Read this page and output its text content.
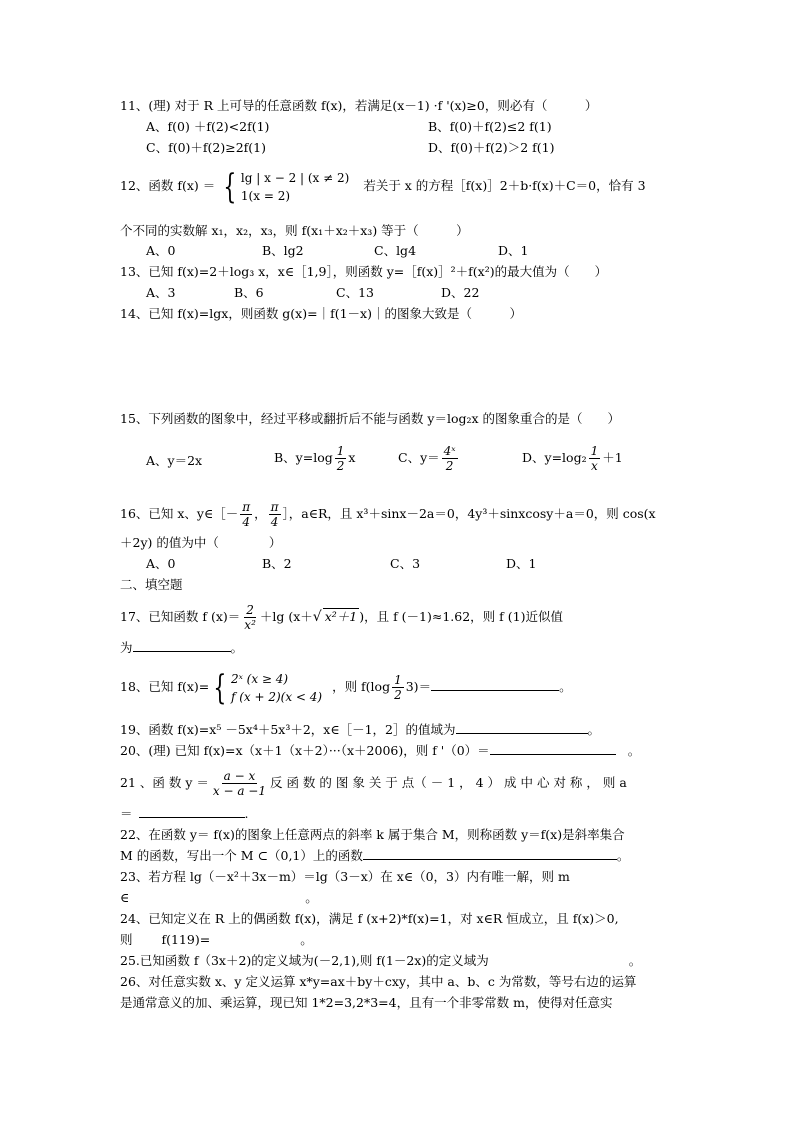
11、(理) 对于 R 上可导的任意函数 f(x)，若满足(x－1) ·f '(x)≥0，则必有（　　　）
A、f(0) ＋f(2)<2f(1)	B、f(0)＋f(2)≤2 f(1)
C、f(0)＋f(2)≥2f(1)	D、f(0)＋f(2)＞2 f(1)
12、函数 f(x) ＝ { lg | x − 2 | (x ≠ 2)
1(x = 2)
若关于 x 的方程［f(x)］2＋b·f(x)＋C＝0，恰有 3
个不同的实数解 x₁，x₂，x₃，则 f(x₁＋x₂＋x₃) 等于（　　　）
A、0	B、lg2	C、lg4	D、1
13、已知 f(x)=2＋log₃ x，x∈［1,9］，则函数 y=［f(x)］²＋f(x²)的最大值为（　　）
A、3	B、6	C、13	D、22
14、已知 f(x)=lgx，则函数 g(x)=｜f(1－x)｜的图象大致是（　　　）
15、下列函数的图象中，经过平移或翻折后不能与函数 y＝log₂x 的图象重合的是（　　）
A、y＝2x	B、$y=\log \frac{1}{2}$ x	C、$y= \frac{\text{4ˣ}}{2}$	D、$y=\log_2 \frac{1}{x} +1$
16、已知 x、y∈［－ $\frac{\pi}{4}$ ， $\frac{\pi}{4}$ ］，a∈R，且 x³＋sinx－2a＝0，4y³＋sinxcosy＋a＝0，则 cos(x
＋2y) 的值为中（　　　　）
A、0	B、2	C、3	D、1
二、填空题
17、已知函数 f $(x)= \frac{2}{\text{x²}} +\lg$ (x＋√ x²＋1 )，且 f (－1)≈1.62，则 f (1)近似值
为	。
18、已知 f(x)= { 2ˣ (x ≥ 4)
f (x + 2)(x < 4)
，则 $f(\log \frac{1}{2} 3)=$	。
19、函数 f(x)=x⁵ －5x⁴＋5x³＋2，x∈［－1，2］的值域为	。
20、(理) 已知 f(x)=x（x＋1（x＋2）···（x＋2006)，则 f '（0）＝	。
21 、函 数 $y = \frac{a - x}{x - a -1}$ 反 函 数 的 图 象 关 于 点（ － 1 ， 4 ） 成 中 心 对 称 ， 则 a
＝	.
22、在函数 y＝ f(x)的图象上任意两点的斜率 k 属于集合 M，则称函数 y＝f(x)是斜率集合
M 的函数，写出一个 M ⊂（0,1）上的函数	。
23、若方程 lg（－x²＋3x－m）＝lg（3－x）在 x∈（0，3）内有唯一解，则 m
∈	。
24、已知定义在 R 上的偶函数 f(x)，满足 f (x+2)*f(x)=1，对 x∈R 恒成立，且 f(x)＞0,
则　　 f(119)=	。
25.已知函数 f（3x＋2)的定义域为(－2,1),则 f(1－2x)的定义域为	。
26、对任意实数 x、y 定义运算 x*y=ax＋by＋cxy，其中 a、b、c 为常数，等号右边的运算
是通常意义的加、乘运算，现已知 1*2=3,2*3=4，且有一个非零常数 m，使得对任意实
